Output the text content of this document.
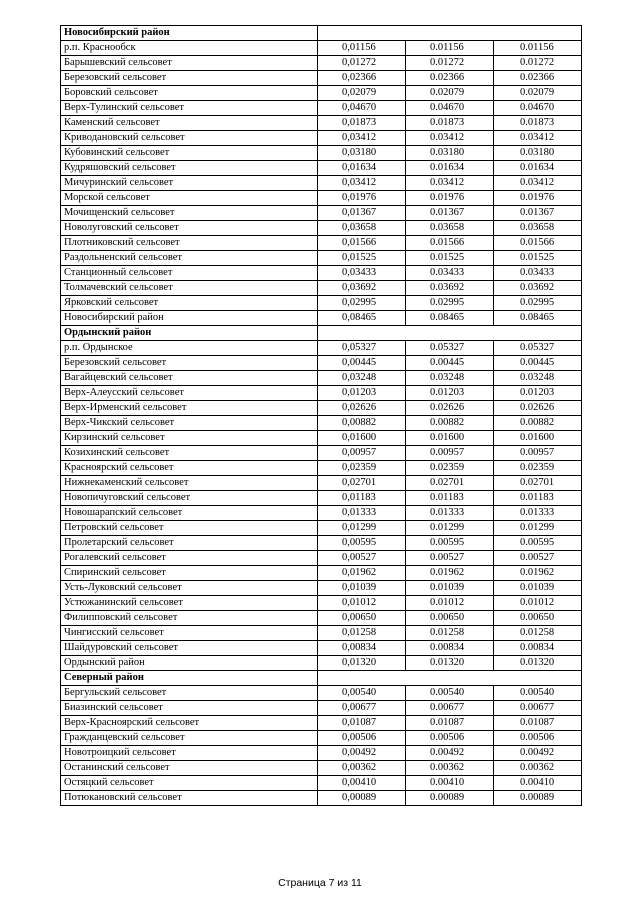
Новосибирский район			
р.п. Краснообск	0,01156	0.01156	0.01156
Барышевский сельсовет	0,01272	0.01272	0.01272
Березовский сельсовет	0,02366	0.02366	0.02366
Боровский сельсовет	0,02079	0.02079	0.02079
Верх-Тулинский сельсовет	0,04670	0.04670	0.04670
Каменский сельсовет	0,01873	0.01873	0.01873
Криводановский сельсовет	0,03412	0.03412	0.03412
Кубовинский сельсовет	0,03180	0.03180	0.03180
Кудряшовский сельсовет	0,01634	0.01634	0.01634
Мичуринский сельсовет	0,03412	0.03412	0.03412
Морской сельсовет	0,01976	0.01976	0.01976
Мочищенский сельсовет	0,01367	0.01367	0.01367
Новолуговский сельсовет	0,03658	0.03658	0.03658
Плотниковский сельсовет	0,01566	0.01566	0.01566
Раздольненский сельсовет	0,01525	0.01525	0.01525
Станционный сельсовет	0,03433	0.03433	0.03433
Толмачевский сельсовет	0,03692	0.03692	0.03692
Ярковский сельсовет	0,02995	0.02995	0.02995
Новосибирский район	0,08465	0.08465	0.08465
Ордынский район			
р.п. Ордынское	0,05327	0.05327	0.05327
Березовский сельсовет	0,00445	0.00445	0.00445
Вагайцевский сельсовет	0,03248	0.03248	0.03248
Верх-Алеусский сельсовет	0,01203	0.01203	0.01203
Верх-Ирменский сельсовет	0,02626	0.02626	0.02626
Верх-Чикский сельсовет	0,00882	0.00882	0.00882
Кирзинский сельсовет	0,01600	0.01600	0.01600
Козихинский сельсовет	0,00957	0.00957	0.00957
Красноярский сельсовет	0,02359	0.02359	0.02359
Нижнекаменский сельсовет	0,02701	0.02701	0.02701
Новопичуговский сельсовет	0,01183	0.01183	0.01183
Новошарапский сельсовет	0,01333	0.01333	0.01333
Петровский сельсовет	0,01299	0.01299	0.01299
Пролетарский сельсовет	0,00595	0.00595	0.00595
Рогалевский сельсовет	0,00527	0.00527	0.00527
Спиринский сельсовет	0,01962	0.01962	0.01962
Усть-Луковский сельсовет	0,01039	0.01039	0.01039
Устюжанинский сельсовет	0,01012	0.01012	0.01012
Филипповский сельсовет	0,00650	0.00650	0.00650
Чингисский сельсовет	0,01258	0.01258	0.01258
Шайдуровский сельсовет	0,00834	0.00834	0.00834
Ордынский район	0,01320	0.01320	0.01320
Северный район			
Бергульский сельсовет	0,00540	0.00540	0.00540
Биазинский сельсовет	0,00677	0.00677	0.00677
Верх-Красноярский сельсовет	0,01087	0.01087	0.01087
Гражданцевский сельсовет	0,00506	0.00506	0.00506
Новотроицкий сельсовет	0,00492	0.00492	0.00492
Останинский сельсовет	0,00362	0.00362	0.00362
Остяцкий сельсовет	0,00410	0.00410	0.00410
Потюкановский сельсовет	0,00089	0.00089	0.00089
Страница 7 из 11
